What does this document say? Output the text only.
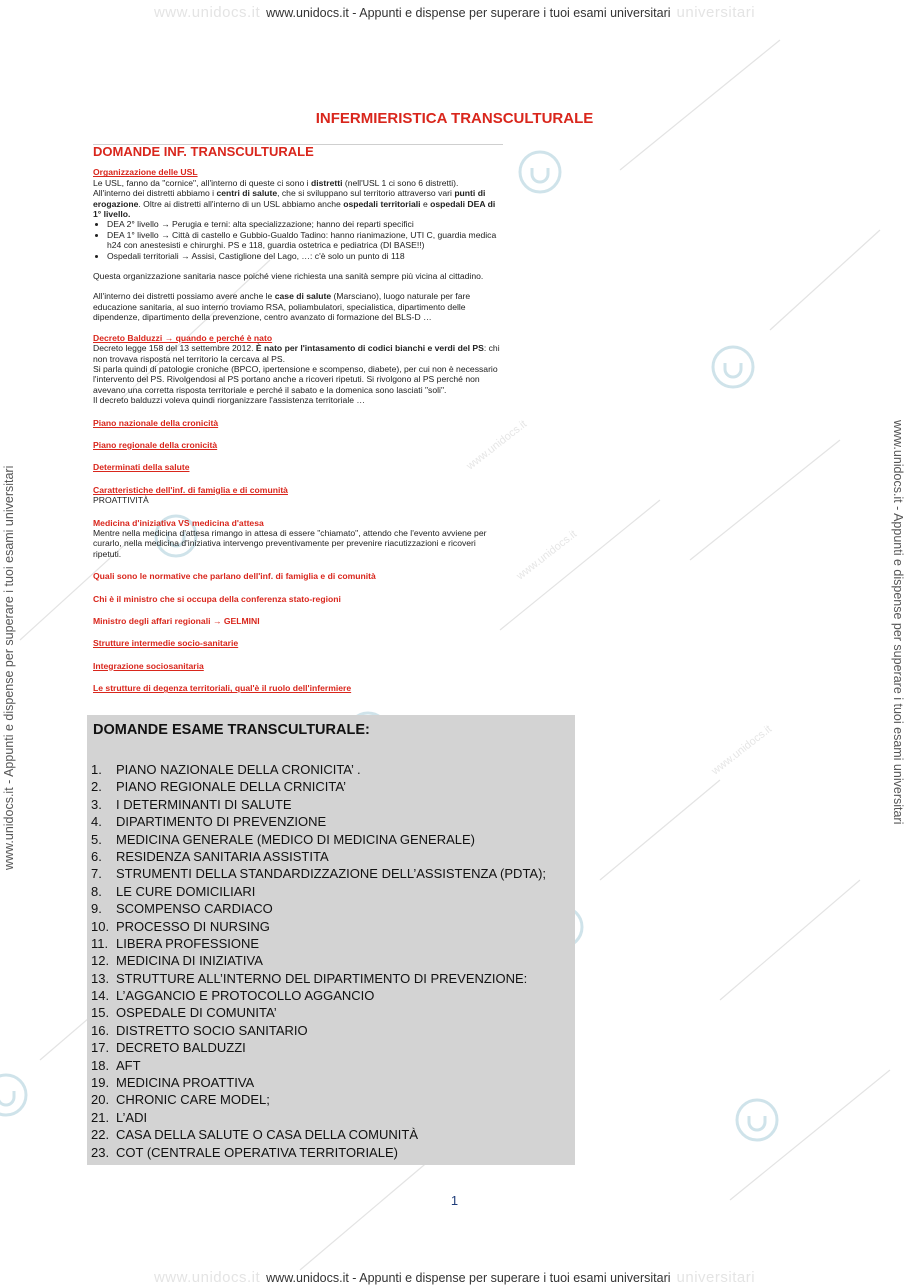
www.unidocs.it
www.unidocs.it
www.unidocs.it
www.unidocs.it www.unidocs.it - Appunti e dispense per superare i tuoi esami universitari universitari
www.unidocs.it - Appunti e dispense per superare i tuoi esami universitari	www.unidocs.it - Appunti e dispense per superare i tuoi esami universitari
INFERMIERISTICA TRANSCULTURALE
DOMANDE INF. TRANSCULTURALE

Organizzazione delle USL

Le USL, fanno da "cornice", all'interno di queste ci sono i distretti (nell'USL 1 ci sono 6 distretti).

All'interno dei distretti abbiamo i centri di salute, che si sviluppano sul territorio attraverso vari punti di erogazione. Oltre ai distretti all'interno di un USL abbiamo anche ospedali territoriali e ospedali DEA di 1° livello.

• DEA 2° livello → Perugia e terni: alta specializzazione; hanno dei reparti specifici
• DEA 1° livello → Città di castello e Gubbio-Gualdo Tadino: hanno rianimazione, UTI C, guardia medica h24 con anestesisti e chirurghi. PS e 118, guardia ostetrica e pediatrica (DI BASE!!)
• Ospedali territoriali → Assisi, Castiglione del Lago, …: c'è solo un punto di 118

Questa organizzazione sanitaria nasce poiché viene richiesta una sanità sempre più vicina al cittadino.

All'interno dei distretti possiamo avere anche le case di salute (Marsciano), luogo naturale per fare educazione sanitaria, al suo interno troviamo RSA, poliambulatori, specialistica, dipartimento delle dipendenze, dipartimento della prevenzione, centro avanzato di formazione del BLS-D …

Decreto Balduzzi → quando e perché è nato

Decreto legge 158 del 13 settembre 2012. È nato per l'intasamento di codici bianchi e verdi del PS: chi non trovava risposta nel territorio la cercava al PS.

Si parla quindi di patologie croniche (BPCO, ipertensione e scompenso, diabete), per cui non è necessario l'intervento del PS. Rivolgendosi al PS portano anche a ricoveri ripetuti. Si rivolgono al PS perché non avevano una corretta risposta territoriale e perché il sabato e la domenica sono lasciati "soli".

Il decreto balduzzi voleva quindi riorganizzare l'assistenza territoriale …

Piano nazionale della cronicità

Piano regionale della cronicità

Determinati della salute

Caratteristiche dell'inf. di famiglia e di comunità

PROATTIVITÀ

Medicina d'iniziativa VS medicina d'attesa

Mentre nella medicina d'attesa rimango in attesa di essere "chiamato", attendo che l'evento avviene per curarlo, nella medicina d'iniziativa intervengo preventivamente per prevenire riacutizzazioni e ricoveri ripetuti.

Quali sono le normative che parlano dell'inf. di famiglia e di comunità

Chi è il ministro che si occupa della conferenza stato-regioni

Ministro degli affari regionali → GELMINI

Strutture intermedie socio-sanitarie

Integrazione sociosanitaria

Le strutture di degenza territoriali, qual'è il ruolo dell'infermiere

DOMANDE ESAME TRANSCULTURALE:
1. PIANO NAZIONALE DELLA CRONICITA’ .
2. PIANO REGIONALE DELLA CRNICITA’
3. I DETERMINANTI DI SALUTE
4. DIPARTIMENTO DI PREVENZIONE
5. MEDICINA GENERALE (MEDICO DI MEDICINA GENERALE)
6. RESIDENZA SANITARIA ASSISTITA
7. STRUMENTI DELLA STANDARDIZZAZIONE DELL’ASSISTENZA (PDTA);
8. LE CURE DOMICILIARI
9. SCOMPENSO CARDIACO
10. PROCESSO DI NURSING
11. LIBERA PROFESSIONE
12. MEDICINA DI INIZIATIVA
13. STRUTTURE ALL’INTERNO DEL DIPARTIMENTO DI PREVENZIONE:
14. L’AGGANCIO E PROTOCOLLO AGGANCIO
15. OSPEDALE DI COMUNITA’
16. DISTRETTO SOCIO SANITARIO
17. DECRETO BALDUZZI
18. AFT
19. MEDICINA PROATTIVA
20. CHRONIC CARE MODEL;
21. L’ADI
22. CASA DELLA SALUTE O CASA DELLA COMUNITÀ
23. COT (CENTRALE OPERATIVA TERRITORIALE)
1
www.unidocs.it www.unidocs.it - Appunti e dispense per superare i tuoi esami universitari universitari
